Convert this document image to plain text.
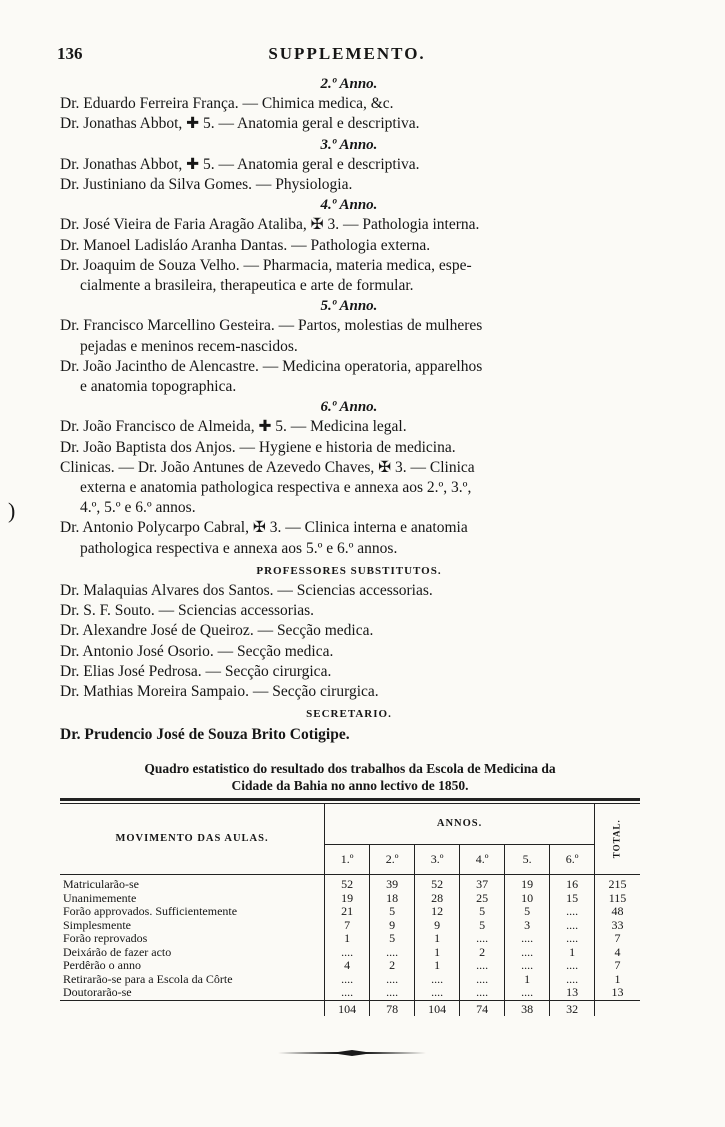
136	SUPPLEMENTO.
)
2.º Anno.
Dr. Eduardo Ferreira França. — Chimica medica, &c.
Dr. Jonathas Abbot, ✚ 5. — Anatomia geral e descriptiva.
3.º Anno.
Dr. Jonathas Abbot, ✚ 5. — Anatomia geral e descriptiva.
Dr. Justiniano da Silva Gomes. — Physiologia.
4.º Anno.
Dr. José Vieira de Faria Aragão Ataliba, ✠ 3. — Pathologia interna.
Dr. Manoel Ladisláo Aranha Dantas. — Pathologia externa.
Dr. Joaquim de Souza Velho. — Pharmacia, materia medica, espe-
cialmente a brasileira, therapeutica e arte de formular.
5.º Anno.
Dr. Francisco Marcellino Gesteira. — Partos, molestias de mulheres
pejadas e meninos recem-nascidos.
Dr. João Jacintho de Alencastre. — Medicina operatoria, apparelhos
e anatomia topographica.
6.º Anno.
Dr. João Francisco de Almeida, ✚ 5. — Medicina legal.
Dr. João Baptista dos Anjos. — Hygiene e historia de medicina.
Clinicas. — Dr. João Antunes de Azevedo Chaves, ✠ 3. — Clinica
externa e anatomia pathologica respectiva e annexa aos 2.º, 3.º,
4.º, 5.º e 6.º annos.
Dr. Antonio Polycarpo Cabral, ✠ 3. — Clinica interna e anatomia
pathologica respectiva e annexa aos 5.º e 6.º annos.
PROFESSORES SUBSTITUTOS.
Dr. Malaquias Alvares dos Santos. — Sciencias accessorias.
Dr. S. F. Souto. — Sciencias accessorias.
Dr. Alexandre José de Queiroz. — Secção medica.
Dr. Antonio José Osorio. — Secção medica.
Dr. Elias José Pedrosa. — Secção cirurgica.
Dr. Mathias Moreira Sampaio. — Secção cirurgica.
SECRETARIO.
Dr. Prudencio José de Souza Brito Cotigipe.
Quadro estatistico do resultado dos trabalhos da Escola de Medicina da
Cidade da Bahia no anno lectivo de 1850.
MOVIMENTO DAS AULAS.	ANNOS.						TOTAL.

	1.º	2.º	3.º	4.º	5.	6.º	
Matricularão-se	52	39	52	37	19	16	215
Unanimemente	19	18	28	25	10	15	115
Forão approvados. Sufficientemente	21	5	12	5	5	....	48
Simplesmente	7	9	9	5	3	....	33
Forão reprovados	1	5	1	....	....	....	7
Deixárão de fazer acto	....	....	1	2	....	1	4
Perdêrão o anno	4	2	1	....	....	....	7
Retirarão-se para a Escola da Côrte	....	....	....	....	1	....	1
Doutorarão-se	....	....	....	....	....	13	13
	104	78	104	74	38	32	
